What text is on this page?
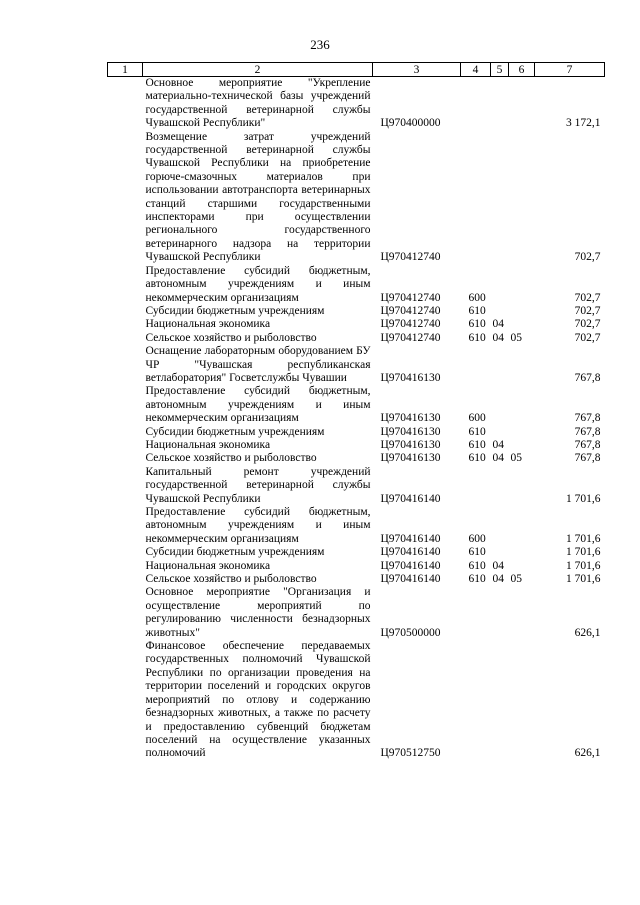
236
1	2	3	4	5	6	7
	Основное мероприятие "Укрепление материально-технической базы учреждений государственной ветеринарной службы Чувашской Республики"	Ц970400000				3 172,1
	Возмещение затрат учреждений государственной ветеринарной службы Чувашской Республики на приобретение горюче-смазочных материалов при использовании автотранспорта ветеринарных станций старшими государственными инспекторами при осуществлении регионального государственного ветеринарного надзора на территории Чувашской Республики	Ц970412740				702,7
	Предоставление субсидий бюджетным, автономным учреждениям и иным некоммерческим организациям	Ц970412740	600			702,7
	Субсидии бюджетным учреждениям	Ц970412740	610			702,7
	Национальная экономика	Ц970412740	610	04		702,7
	Сельское хозяйство и рыболовство	Ц970412740	610	04	05	702,7
	Оснащение лабораторным оборудованием БУ ЧР "Чувашская республиканская ветлаборатория" Госветслужбы Чувашии	Ц970416130				767,8
	Предоставление субсидий бюджетным, автономным учреждениям и иным некоммерческим организациям	Ц970416130	600			767,8
	Субсидии бюджетным учреждениям	Ц970416130	610			767,8
	Национальная экономика	Ц970416130	610	04		767,8
	Сельское хозяйство и рыболовство	Ц970416130	610	04	05	767,8
	Капитальный ремонт учреждений государственной ветеринарной службы Чувашской Республики	Ц970416140				1 701,6
	Предоставление субсидий бюджетным, автономным учреждениям и иным некоммерческим организациям	Ц970416140	600			1 701,6
	Субсидии бюджетным учреждениям	Ц970416140	610			1 701,6
	Национальная экономика	Ц970416140	610	04		1 701,6
	Сельское хозяйство и рыболовство	Ц970416140	610	04	05	1 701,6
	Основное мероприятие "Организация и осуществление мероприятий по регулированию численности безнадзорных животных"	Ц970500000				626,1
	Финансовое обеспечение передаваемых государственных полномочий Чувашской Республики по организации проведения на территории поселений и городских округов мероприятий по отлову и содержанию безнадзорных животных, а также по расчету и предоставлению субвенций бюджетам поселений на осуществление указанных полномочий	Ц970512750				626,1
